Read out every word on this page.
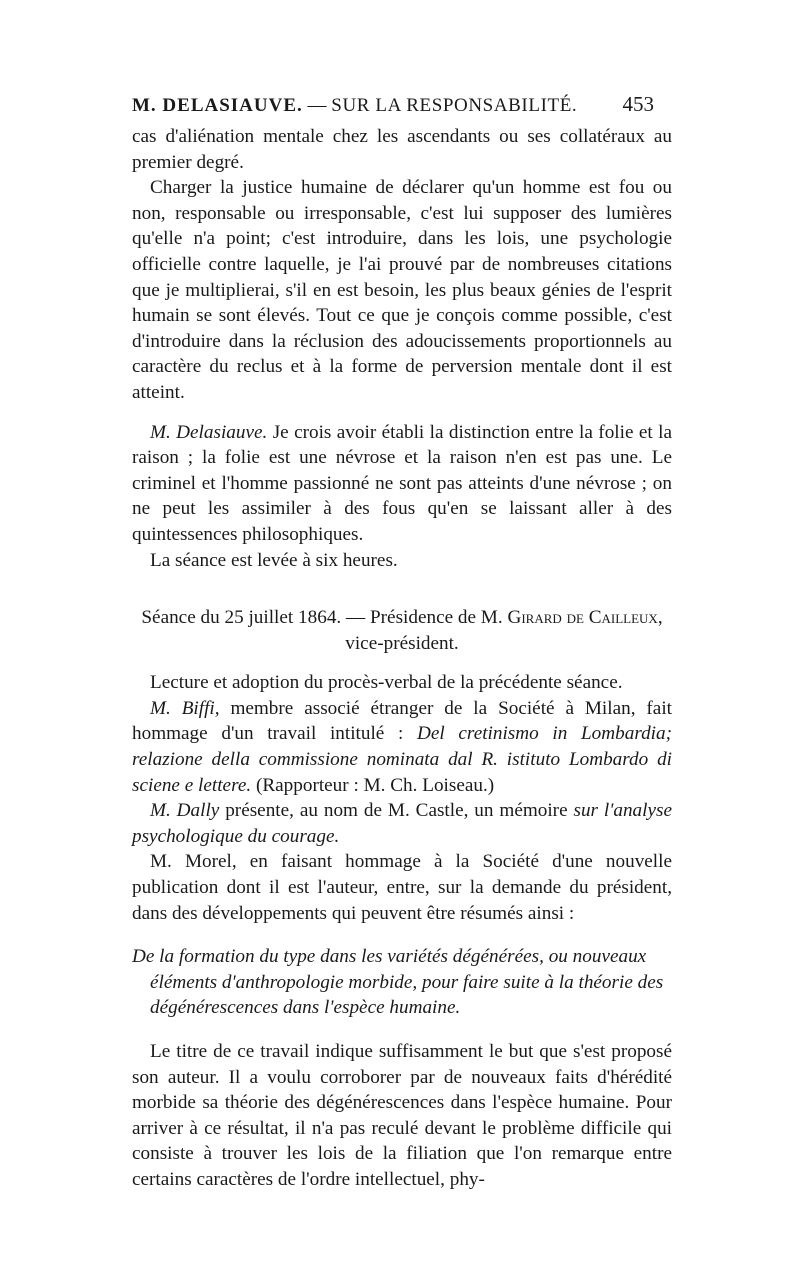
M. DELASIAUVE. — SUR LA RESPONSABILITÉ. 453

cas d'aliénation mentale chez les ascendants ou ses collatéraux au premier degré.

Charger la justice humaine de déclarer qu'un homme est fou ou non, responsable ou irresponsable, c'est lui supposer des lumières qu'elle n'a point; c'est introduire, dans les lois, une psychologie officielle contre laquelle, je l'ai prouvé par de nombreuses citations que je multiplierai, s'il en est besoin, les plus beaux génies de l'esprit humain se sont élevés. Tout ce que je conçois comme possible, c'est d'introduire dans la réclusion des adoucissements proportionnels au caractère du reclus et à la forme de perversion mentale dont il est atteint.

M. Delasiauve. Je crois avoir établi la distinction entre la folie et la raison ; la folie est une névrose et la raison n'en est pas une. Le criminel et l'homme passionné ne sont pas atteints d'une névrose ; on ne peut les assimiler à des fous qu'en se laissant aller à des quintessences philosophiques.

La séance est levée à six heures.

Séance du 25 juillet 1864. — Présidence de M. Girard de Cailleux,
vice-président.

Lecture et adoption du procès-verbal de la précédente séance.

M. Biffi, membre associé étranger de la Société à Milan, fait hommage d'un travail intitulé : Del cretinismo in Lombardia; relazione della commissione nominata dal R. istituto Lombardo di sciene e lettere. (Rapporteur : M. Ch. Loiseau.)

M. Dally présente, au nom de M. Castle, un mémoire sur l'analyse psychologique du courage.

M. Morel, en faisant hommage à la Société d'une nouvelle publication dont il est l'auteur, entre, sur la demande du président, dans des développements qui peuvent être résumés ainsi :

De la formation du type dans les variétés dégénérées, ou nouveaux éléments d'anthropologie morbide, pour faire suite à la théorie des dégénérescences dans l'espèce humaine.

Le titre de ce travail indique suffisamment le but que s'est proposé son auteur. Il a voulu corroborer par de nouveaux faits d'hérédité morbide sa théorie des dégénérescences dans l'espèce humaine. Pour arriver à ce résultat, il n'a pas reculé devant le problème difficile qui consiste à trouver les lois de la filiation que l'on remarque entre certains caractères de l'ordre intellectuel, phy-
